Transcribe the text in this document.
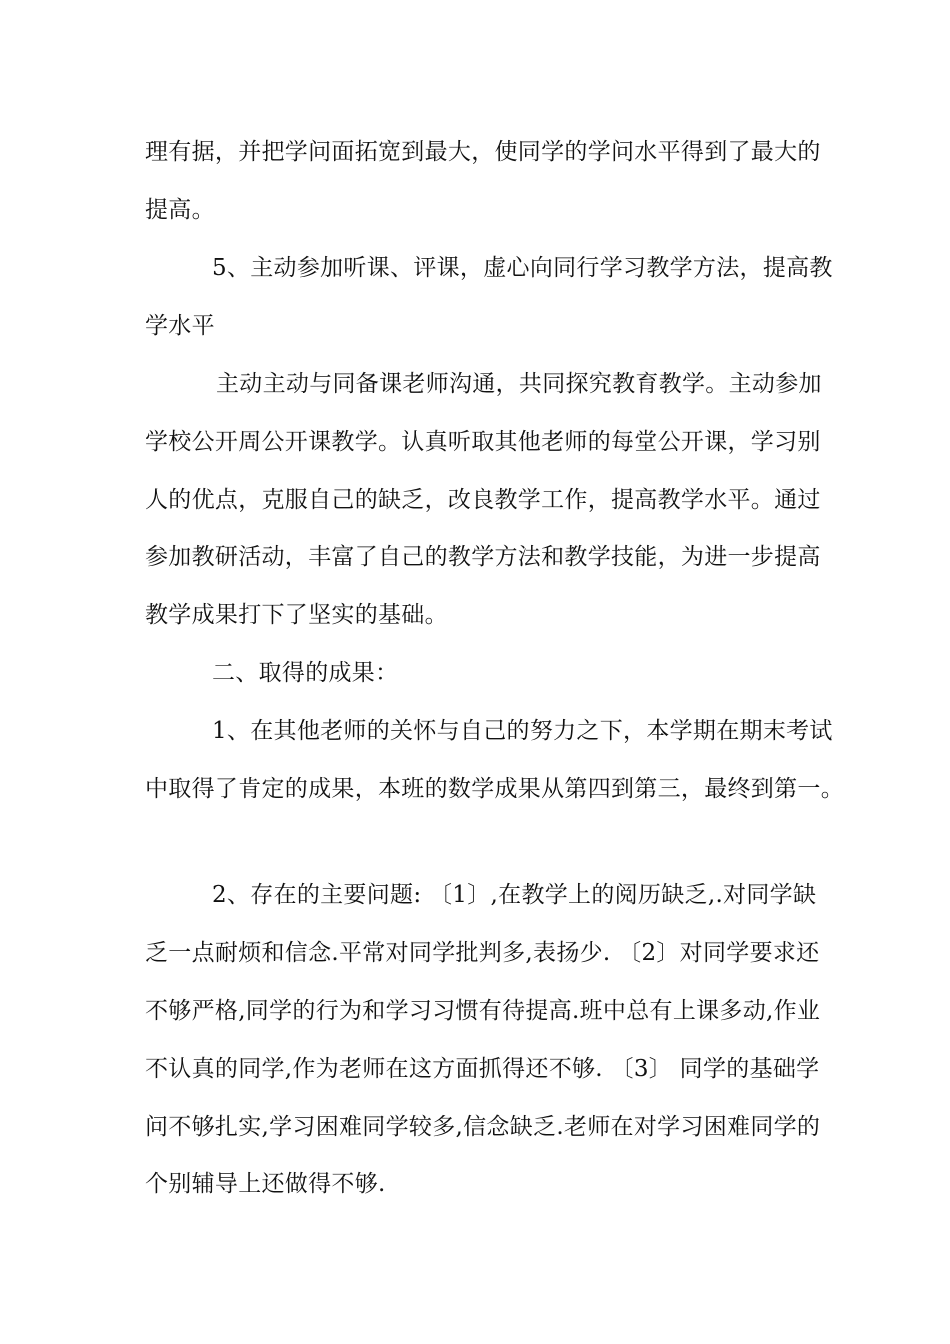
理有据，并把学问面拓宽到最大，使同学的学问水平得到了最大的
提高。
5、主动参加听课、评课，虚心向同行学习教学方法，提高教
学水平
主动主动与同备课老师沟通，共同探究教育教学。主动参加
学校公开周公开课教学。认真听取其他老师的每堂公开课，学习别
人的优点，克服自己的缺乏，改良教学工作，提高教学水平。通过
参加教研活动，丰富了自己的教学方法和教学技能，为进一步提高
教学成果打下了坚实的基础。
二、取得的成果：
1、在其他老师的关怀与自己的努力之下，本学期在期末考试
中取得了肯定的成果，本班的数学成果从第四到第三，最终到第一。
2、存在的主要问题: 〔1〕,在教学上的阅历缺乏,.对同学缺
乏一点耐烦和信念.平常对同学批判多,表扬少. 〔2〕对同学要求还
不够严格,同学的行为和学习习惯有待提高.班中总有上课多动,作业
不认真的同学,作为老师在这方面抓得还不够. 〔3〕 同学的基础学
问不够扎实,学习困难同学较多,信念缺乏.老师在对学习困难同学的
个别辅导上还做得不够.
